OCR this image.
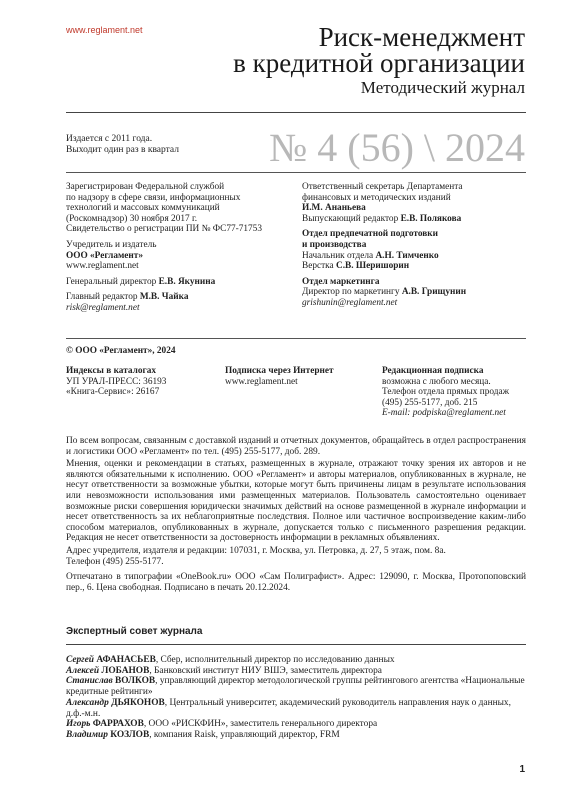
www.reglament.net	Риск-менеджмент
в кредитной организации
Методический журнал
Издается с 2011 года.
Выходит один раз в квартал № 4 (56) \ 2024

Зарегистрирован Федеральной службой

по надзору в сфере связи, информационных

технологий и массовых коммуникаций

(Роскомнадзор) 30 ноября 2017 г.

Свидетельство о регистрации ПИ № ФС77-71753

Учредитель и издатель

ООО «Регламент»

www.reglament.net

Генеральный директор Е.В. Якунина

Главный редактор М.В. Чайка

risk@reglament.net

Ответственный секретарь Департамента

финансовых и методических изданий

И.М. Ананьева

Выпускающий редактор Е.В. Полякова

Отдел предпечатной подготовки

и производства

Начальник отдела А.Н. Тимченко

Верстка С.В. Шеришорин

Отдел маркетинга

Директор по маркетингу А.В. Грищунин

grishunin@reglament.net

© ООО «Регламент», 2024

Индексы в каталогах

УП УРАЛ-ПРЕСС: 36193

«Книга-Сервис»: 26167

Подписка через Интернет

www.reglament.net

Редакционная подписка

возможна с любого месяца.

Телефон отдела прямых продаж

(495) 255-5177, доб. 215

E-mail: podpiska@reglament.net

По всем вопросам, связанным с доставкой изданий и отчетных документов, обращайтесь в отдел распространения и логистики ООО «Регламент» по тел. (495) 255-5177, доб. 289.

Мнения, оценки и рекомендации в статьях, размещенных в журнале, отражают точку зрения их авторов и не являются обязательными к исполнению. ООО «Регламент» и авторы материалов, опубликованных в журнале, не несут ответственности за возможные убытки, которые могут быть причинены лицам в результате использования или невозможности использования ими размещенных материалов. Пользователь самостоятельно оценивает возможные риски совершения юридически значимых действий на основе размещенной в журнале информации и несет ответственность за их неблагоприятные последствия. Полное или частичное воспроизведение каким-либо способом материалов, опубликованных в журнале, допускается только с письменного разрешения редакции. Редакция не несет ответственности за достоверность информации в рекламных объявлениях.

Адрес учредителя, издателя и редакции: 107031, г. Москва, ул. Петровка, д. 27, 5 этаж, пом. 8а.

Телефон (495) 255-5177.

Отпечатано в типографии «OneBook.ru» ООО «Сам Полиграфист». Адрес: 129090, г. Москва, Протопоповский пер., 6. Цена свободная. Подписано в печать 20.12.2024.

Экспертный совет журнала

Сергей АФАНАСЬЕВ, Сбер, исполнительный директор по исследованию данных

Алексей ЛОБАНОВ, Банковский институт НИУ ВШЭ, заместитель директора

Станислав ВОЛКОВ, управляющий директор методологической группы рейтингового агентства «Национальные кредитные рейтинги»

Александр ДЬЯКОНОВ, Центральный университет, академический руководитель направления наук о данных, д.ф.-м.н.

Игорь ФАРРАХОВ, ООО «РИСКФИН», заместитель генерального директора

Владимир КОЗЛОВ, компания Raisk, управляющий директор, FRM

1
